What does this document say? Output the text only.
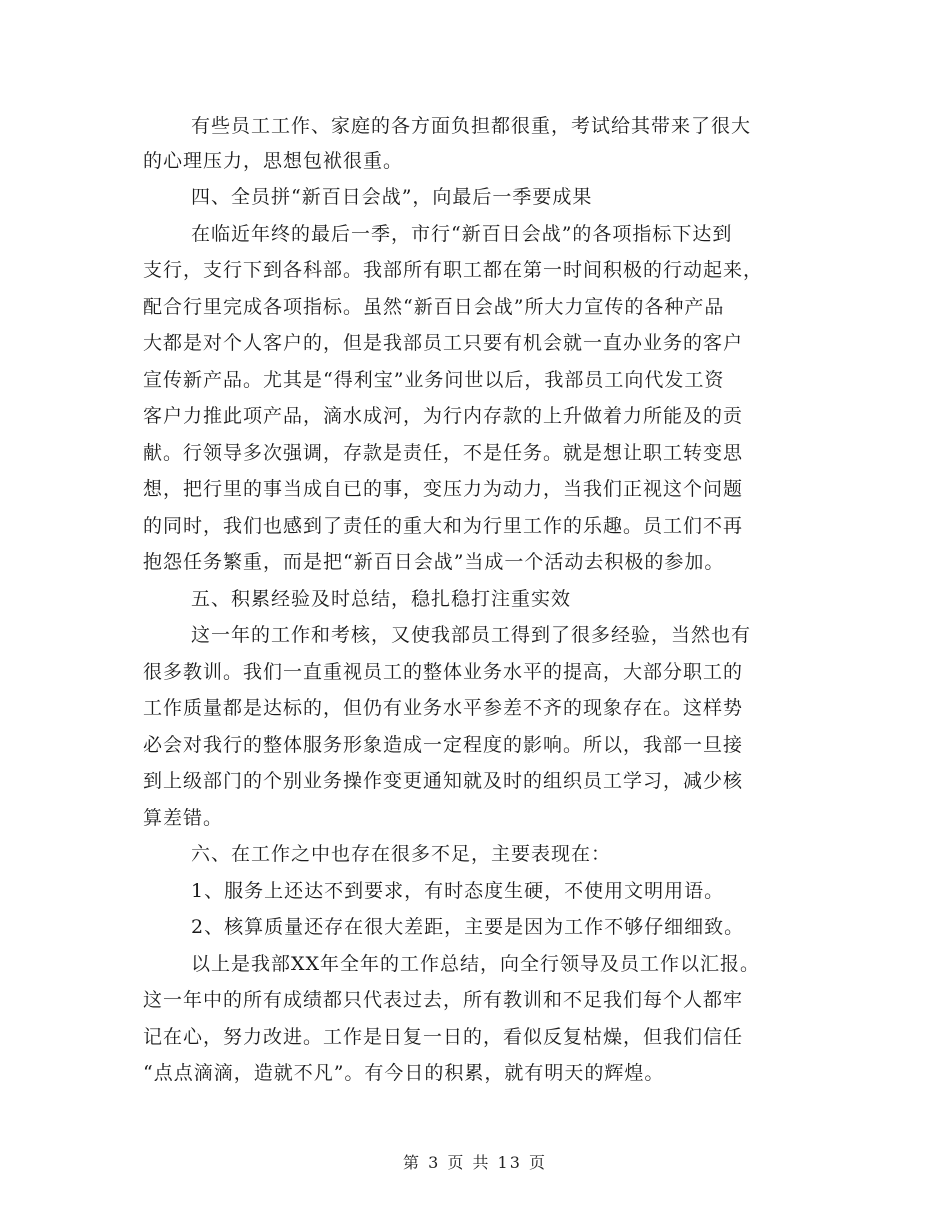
有些员工工作、家庭的各方面负担都很重，考试给其带来了很大
的心理压力，思想包袱很重。
四、全员拼“新百日会战”，向最后一季要成果
在临近年终的最后一季，市行“新百日会战”的各项指标下达到
支行，支行下到各科部。我部所有职工都在第一时间积极的行动起来，
配合行里完成各项指标。虽然“新百日会战”所大力宣传的各种产品
大都是对个人客户的，但是我部员工只要有机会就一直办业务的客户
宣传新产品。尤其是“得利宝”业务问世以后，我部员工向代发工资
客户力推此项产品，滴水成河，为行内存款的上升做着力所能及的贡
献。行领导多次强调，存款是责任，不是任务。就是想让职工转变思
想，把行里的事当成自已的事，变压力为动力，当我们正视这个问题
的同时，我们也感到了责任的重大和为行里工作的乐趣。员工们不再
抱怨任务繁重，而是把“新百日会战”当成一个活动去积极的参加。
五、积累经验及时总结，稳扎稳打注重实效
这一年的工作和考核，又使我部员工得到了很多经验，当然也有
很多教训。我们一直重视员工的整体业务水平的提高，大部分职工的
工作质量都是达标的，但仍有业务水平参差不齐的现象存在。这样势
必会对我行的整体服务形象造成一定程度的影响。所以，我部一旦接
到上级部门的个别业务操作变更通知就及时的组织员工学习，减少核
算差错。
六、在工作之中也存在很多不足，主要表现在：
1、服务上还达不到要求，有时态度生硬，不使用文明用语。
2、核算质量还存在很大差距，主要是因为工作不够仔细细致。
以上是我部XX年全年的工作总结，向全行领导及员工作以汇报。
这一年中的所有成绩都只代表过去，所有教训和不足我们每个人都牢
记在心，努力改进。工作是日复一日的，看似反复枯燥，但我们信任
“点点滴滴，造就不凡”。有今日的积累，就有明天的辉煌。
第 3 页 共 13 页
